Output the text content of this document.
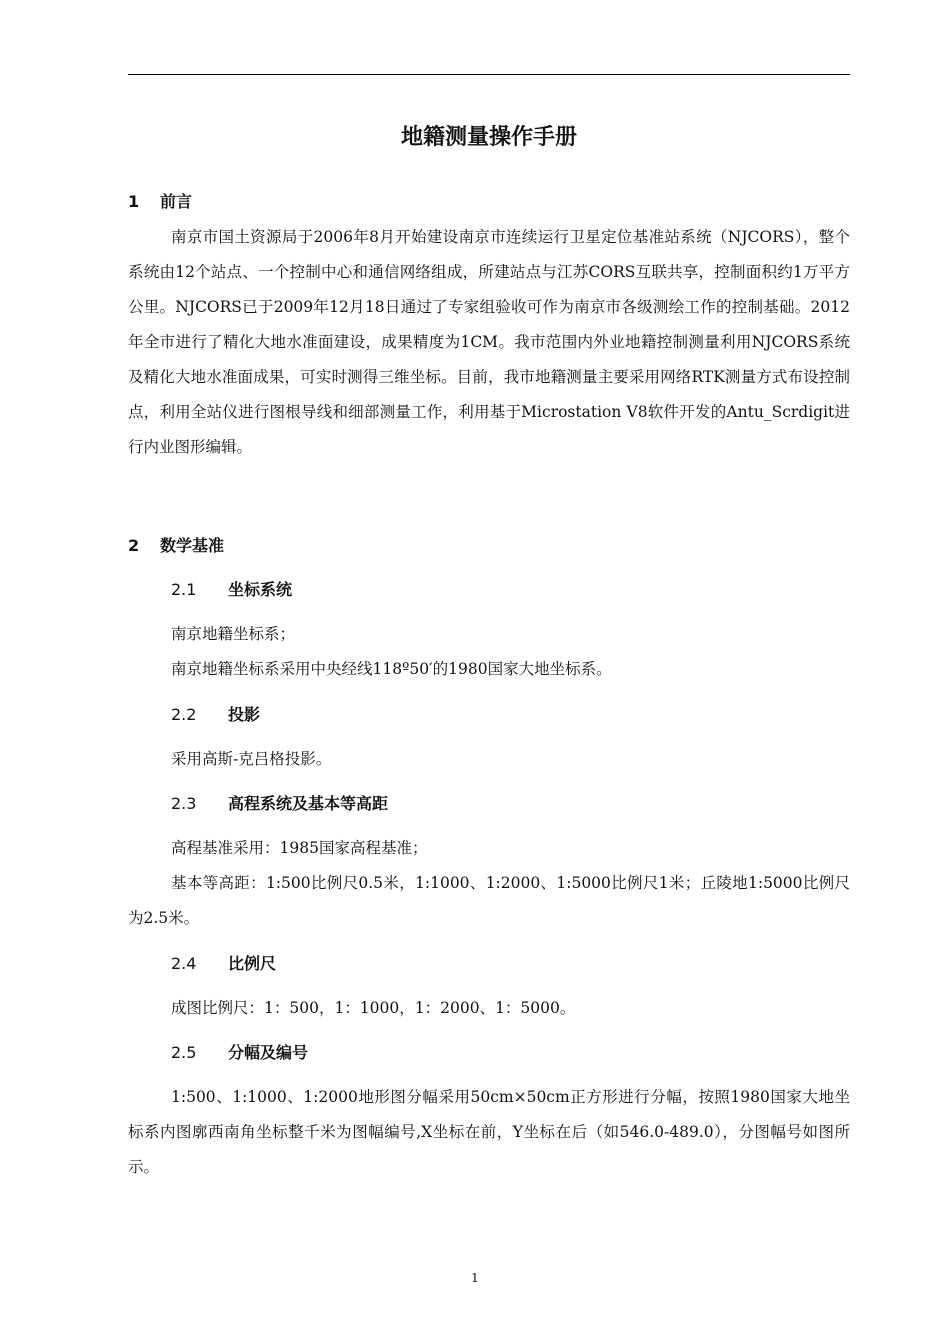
地籍测量操作手册
1 前言
南京市国土资源局于2006年8月开始建设南京市连续运行卫星定位基准站系统（NJCORS），整个系统由12个站点、一个控制中心和通信网络组成，所建站点与江苏CORS互联共享，控制面积约1万平方公里。NJCORS已于2009年12月18日通过了专家组验收可作为南京市各级测绘工作的控制基础。2012年全市进行了精化大地水准面建设，成果精度为1CM。我市范围内外业地籍控制测量利用NJCORS系统及精化大地水准面成果，可实时测得三维坐标。目前，我市地籍测量主要采用网络RTK测量方式布设控制点，利用全站仪进行图根导线和细部测量工作，利用基于Microstation V8软件开发的Antu_Scrdigit进行内业图形编辑。
2 数学基准
2.1 坐标系统
南京地籍坐标系；
南京地籍坐标系采用中央经线118º50′的1980国家大地坐标系。
2.2 投影
采用高斯-克吕格投影。
2.3 高程系统及基本等高距
高程基准采用：1985国家高程基准；
基本等高距：1:500比例尺0.5米，1:1000、1:2000、1:5000比例尺1米；丘陵地1:5000比例尺为2.5米。
2.4 比例尺
成图比例尺：1：500，1：1000，1：2000、1：5000。
2.5 分幅及编号
1:500、1:1000、1:2000地形图分幅采用50cm×50cm正方形进行分幅，按照1980国家大地坐标系内图廓西南角坐标整千米为图幅编号,X坐标在前，Y坐标在后（如546.0-489.0），分图幅号如图所示。
1
